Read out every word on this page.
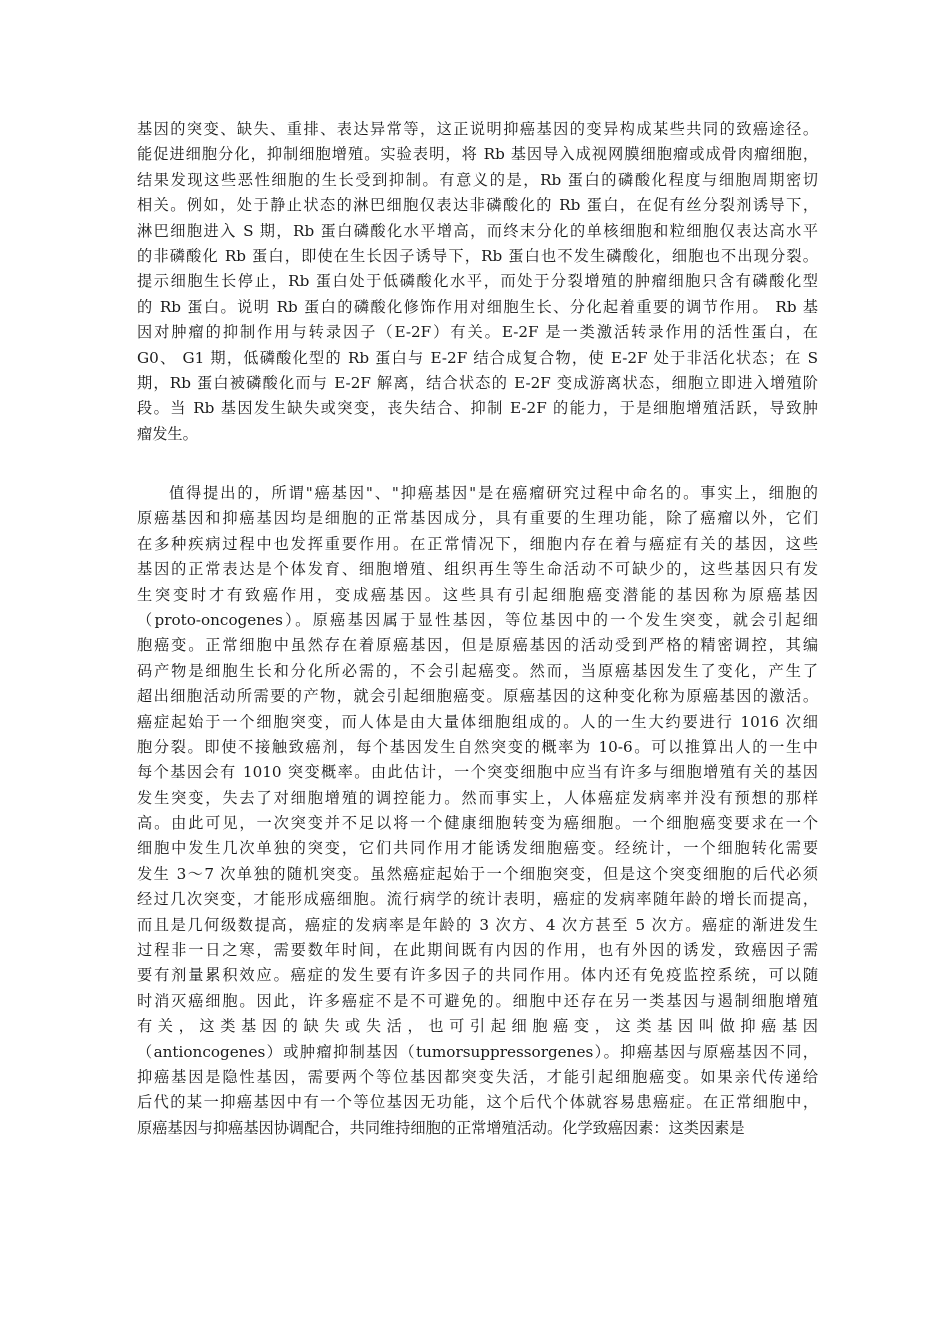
基因的突变、缺失、重排、表达异常等，这正说明抑癌基因的变异构成某些共同的致癌途径。
能促进细胞分化，抑制细胞增殖。实验表明，将 Rb 基因导入成视网膜细胞瘤或成骨肉瘤细胞，
结果发现这些恶性细胞的生长受到抑制。有意义的是，Rb 蛋白的磷酸化程度与细胞周期密切
相关。例如，处于静止状态的淋巴细胞仅表达非磷酸化的 Rb 蛋白，在促有丝分裂剂诱导下，
淋巴细胞进入 S 期，Rb 蛋白磷酸化水平增高，而终末分化的单核细胞和粒细胞仅表达高水平
的非磷酸化 Rb 蛋白，即使在生长因子诱导下，Rb 蛋白也不发生磷酸化，细胞也不出现分裂。
提示细胞生长停止，Rb 蛋白处于低磷酸化水平，而处于分裂增殖的肿瘤细胞只含有磷酸化型
的 Rb 蛋白。说明 Rb 蛋白的磷酸化修饰作用对细胞生长、分化起着重要的调节作用。 Rb 基
因对肿瘤的抑制作用与转录因子（E-2F）有关。E-2F 是一类激活转录作用的活性蛋白，在
G0、 G1 期，低磷酸化型的 Rb 蛋白与 E-2F 结合成复合物，使 E-2F 处于非活化状态；在 S
期，Rb 蛋白被磷酸化而与 E-2F 解离，结合状态的 E-2F 变成游离状态，细胞立即进入增殖阶
段。当 Rb 基因发生缺失或突变，丧失结合、抑制 E-2F 的能力，于是细胞增殖活跃，导致肿
瘤发生。
值得提出的，所谓"癌基因"、"抑癌基因"是在癌瘤研究过程中命名的。事实上，细胞的
原癌基因和抑癌基因均是细胞的正常基因成分，具有重要的生理功能，除了癌瘤以外，它们
在多种疾病过程中也发挥重要作用。在正常情况下，细胞内存在着与癌症有关的基因，这些
基因的正常表达是个体发育、细胞增殖、组织再生等生命活动不可缺少的，这些基因只有发
生突变时才有致癌作用，变成癌基因。这些具有引起细胞癌变潜能的基因称为原癌基因
（proto-oncogenes）。原癌基因属于显性基因，等位基因中的一个发生突变，就会引起细
胞癌变。正常细胞中虽然存在着原癌基因，但是原癌基因的活动受到严格的精密调控，其编
码产物是细胞生长和分化所必需的，不会引起癌变。然而，当原癌基因发生了变化，产生了
超出细胞活动所需要的产物，就会引起细胞癌变。原癌基因的这种变化称为原癌基因的激活。
癌症起始于一个细胞突变，而人体是由大量体细胞组成的。人的一生大约要进行 1016 次细
胞分裂。即使不接触致癌剂，每个基因发生自然突变的概率为 10-6。可以推算出人的一生中
每个基因会有 1010 突变概率。由此估计，一个突变细胞中应当有许多与细胞增殖有关的基因
发生突变，失去了对细胞增殖的调控能力。然而事实上，人体癌症发病率并没有预想的那样
高。由此可见，一次突变并不足以将一个健康细胞转变为癌细胞。一个细胞癌变要求在一个
细胞中发生几次单独的突变，它们共同作用才能诱发细胞癌变。经统计，一个细胞转化需要
发生 3～7 次单独的随机突变。虽然癌症起始于一个细胞突变，但是这个突变细胞的后代必须
经过几次突变，才能形成癌细胞。流行病学的统计表明，癌症的发病率随年龄的增长而提高，
而且是几何级数提高，癌症的发病率是年龄的 3 次方、4 次方甚至 5 次方。癌症的渐进发生
过程非一日之寒，需要数年时间，在此期间既有内因的作用，也有外因的诱发，致癌因子需
要有剂量累积效应。癌症的发生要有许多因子的共同作用。体内还有免疫监控系统，可以随
时消灭癌细胞。因此，许多癌症不是不可避免的。细胞中还存在另一类基因与遏制细胞增殖
有 关 ， 这 类 基 因 的 缺 失 或 失 活 ， 也 可 引 起 细 胞 癌 变 ， 这 类 基 因 叫 做 抑 癌 基 因
（antioncogenes）或肿瘤抑制基因（tumorsuppressorgenes）。抑癌基因与原癌基因不同，
抑癌基因是隐性基因，需要两个等位基因都突变失活，才能引起细胞癌变。如果亲代传递给
后代的某一抑癌基因中有一个等位基因无功能，这个后代个体就容易患癌症。在正常细胞中，
原癌基因与抑癌基因协调配合，共同维持细胞的正常增殖活动。化学致癌因素：这类因素是
